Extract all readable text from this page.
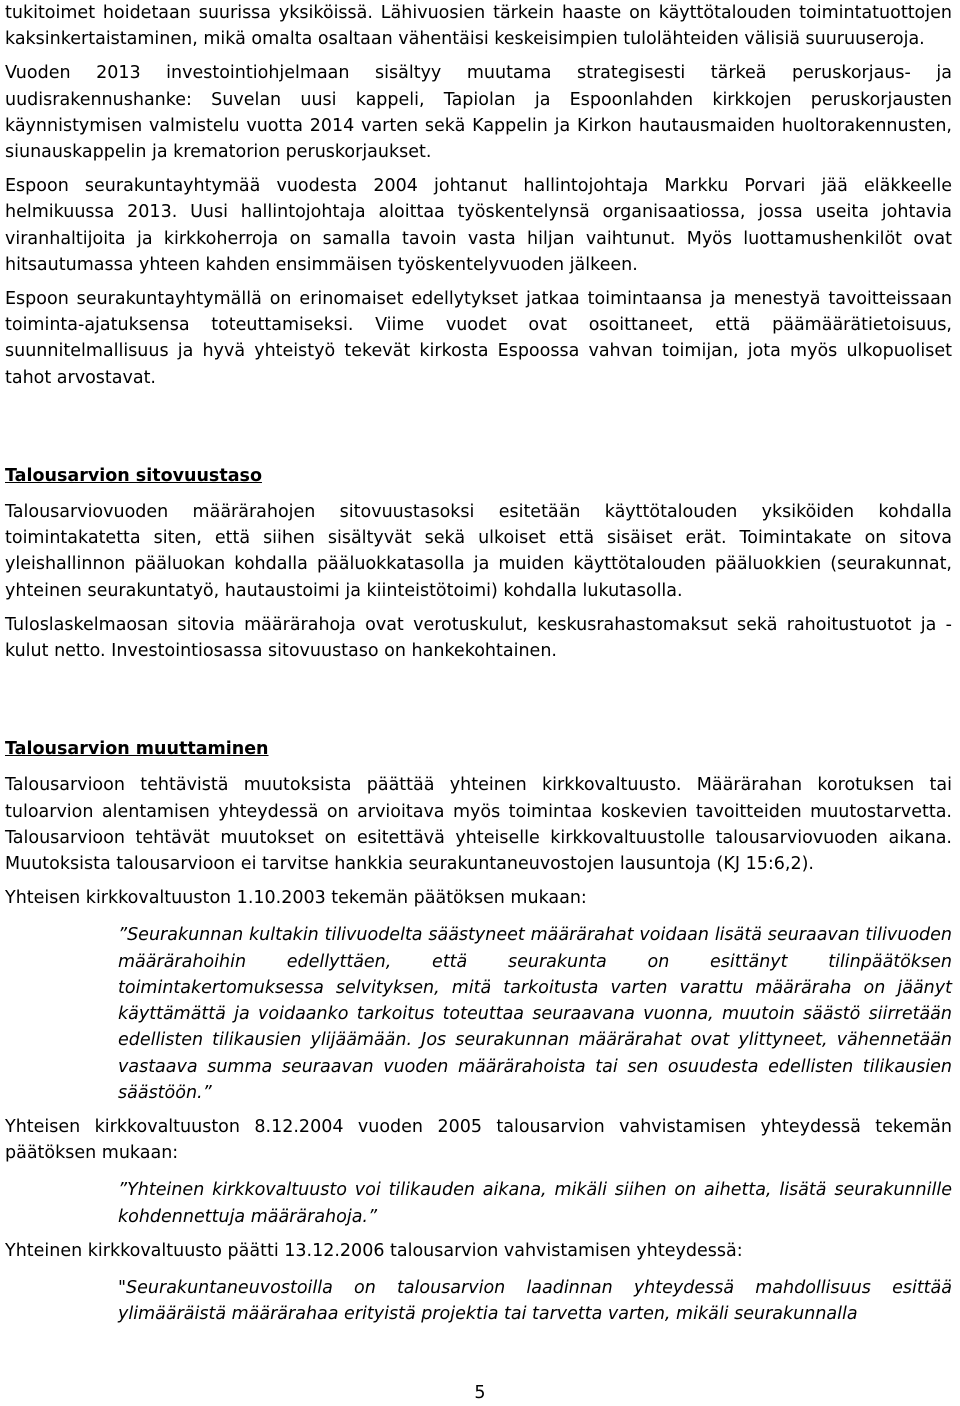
tukitoimet hoidetaan suurissa yksiköissä. Lähivuosien tärkein haaste on käyttötalouden toimintatuottojen kaksinkertaistaminen, mikä omalta osaltaan vähentäisi keskeisimpien tulolähteiden välisiä suuruuseroja.

Vuoden 2013 investointiohjelmaan sisältyy muutama strategisesti tärkeä peruskorjaus- ja uudisrakennushanke: Suvelan uusi kappeli, Tapiolan ja Espoonlahden kirkkojen peruskorjausten käynnistymisen valmistelu vuotta 2014 varten sekä Kappelin ja Kirkon hautausmaiden huoltorakennusten, siunauskappelin ja krematorion peruskorjaukset.

Espoon seurakuntayhtymää vuodesta 2004 johtanut hallintojohtaja Markku Porvari jää eläkkeelle helmikuussa 2013. Uusi hallintojohtaja aloittaa työskentelynsä organisaatiossa, jossa useita johtavia viranhaltijoita ja kirkkoherroja on samalla tavoin vasta hiljan vaihtunut. Myös luottamushenkilöt ovat hitsautumassa yhteen kahden ensimmäisen työskentelyvuoden jälkeen.

Espoon seurakuntayhtymällä on erinomaiset edellytykset jatkaa toimintaansa ja menestyä tavoitteissaan toiminta-ajatuksensa toteuttamiseksi. Viime vuodet ovat osoittaneet, että päämäärätietoisuus, suunnitelmallisuus ja hyvä yhteistyö tekevät kirkosta Espoossa vahvan toimijan, jota myös ulkopuoliset tahot arvostavat.

Talousarvion sitovuustaso

Talousarviovuoden määrärahojen sitovuustasoksi esitetään käyttötalouden yksiköiden kohdalla toimintakatetta siten, että siihen sisältyvät sekä ulkoiset että sisäiset erät. Toimintakate on sitova yleishallinnon pääluokan kohdalla pääluokkatasolla ja muiden käyttötalouden pääluokkien (seurakunnat, yhteinen seurakuntatyö, hautaustoimi ja kiinteistötoimi) kohdalla lukutasolla.

Tuloslaskelmaosan sitovia määrärahoja ovat verotuskulut, keskusrahastomaksut sekä rahoitustuotot ja -kulut netto. Investointiosassa sitovuustaso on hankekohtainen.

Talousarvion muuttaminen

Talousarvioon tehtävistä muutoksista päättää yhteinen kirkkovaltuusto. Määrärahan korotuksen tai tuloarvion alentamisen yhteydessä on arvioitava myös toimintaa koskevien tavoitteiden muutostarvetta. Talousarvioon tehtävät muutokset on esitettävä yhteiselle kirkkovaltuustolle talousarviovuoden aikana. Muutoksista talousarvioon ei tarvitse hankkia seurakuntaneuvostojen lausuntoja (KJ 15:6,2).

Yhteisen kirkkovaltuuston 1.10.2003 tekemän päätöksen mukaan:

”Seurakunnan kultakin tilivuodelta säästyneet määrärahat voidaan lisätä seuraavan tilivuoden määrärahoihin edellyttäen, että seurakunta on esittänyt tilinpäätöksen toimintakertomuksessa selvityksen, mitä tarkoitusta varten varattu määräraha on jäänyt käyttämättä ja voidaanko tarkoitus toteuttaa seuraavana vuonna, muutoin säästö siirretään edellisten tilikausien ylijäämään. Jos seurakunnan määrärahat ovat ylittyneet, vähennetään vastaava summa seuraavan vuoden määrärahoista tai sen osuudesta edellisten tilikausien säästöön.”

Yhteisen kirkkovaltuuston 8.12.2004 vuoden 2005 talousarvion vahvistamisen yhteydessä tekemän päätöksen mukaan:

”Yhteinen kirkkovaltuusto voi tilikauden aikana, mikäli siihen on aihetta, lisätä seurakunnille kohdennettuja määrärahoja.”

Yhteinen kirkkovaltuusto päätti 13.12.2006 talousarvion vahvistamisen yhteydessä:

"Seurakuntaneuvostoilla on talousarvion laadinnan yhteydessä mahdollisuus esittää ylimääräistä määrärahaa erityistä projektia tai tarvetta varten, mikäli seurakunnalla

5
